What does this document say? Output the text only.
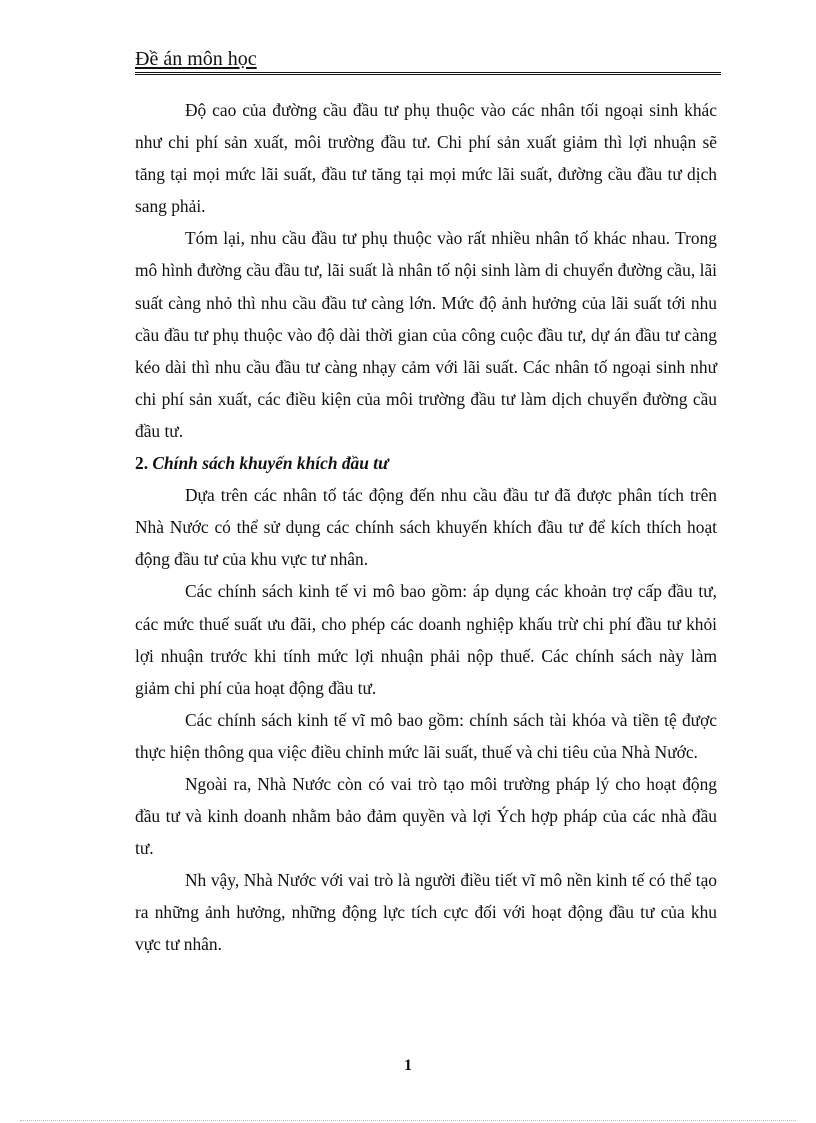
Đề án môn học

Độ cao của đường cầu đầu tư phụ thuộc vào các nhân tối ngoại sinh khác như chi phí sản xuất, môi trường đầu tư. Chi phí sản xuất giảm thì lợi nhuận sẽ tăng tại mọi mức lãi suất, đầu tư tăng tại mọi mức lãi suất, đường cầu đầu tư dịch sang phải.

Tóm lại, nhu cầu đầu tư phụ thuộc vào rất nhiều nhân tố khác nhau. Trong mô hình đường cầu đầu tư, lãi suất là nhân tố nội sinh làm di chuyển đường cầu, lãi suất càng nhỏ thì nhu cầu đầu tư càng lớn. Mức độ ảnh hưởng của lãi suất tới nhu cầu đầu tư phụ thuộc vào độ dài thời gian của công cuộc đầu tư, dự án đầu tư càng kéo dài thì nhu cầu đầu tư càng nhạy cảm với lãi suất. Các nhân tố ngoại sinh như chi phí sản xuất, các điều kiện của môi trường đầu tư làm dịch chuyển đường cầu đầu tư.

2. Chính sách khuyến khích đầu tư

Dựa trên các nhân tố tác động đến nhu cầu đầu tư đã được phân tích trên Nhà Nước có thể sử dụng các chính sách khuyến khích đầu tư để kích thích hoạt động đầu tư của khu vực tư nhân.

Các chính sách kinh tế vi mô bao gồm: áp dụng các khoản trợ cấp đầu tư, các mức thuế suất ưu đãi, cho phép các doanh nghiệp khấu trừ chi phí đầu tư khỏi lợi nhuận trước khi tính mức lợi nhuận phải nộp thuế. Các chính sách này làm giảm chi phí của hoạt động đầu tư.

Các chính sách kinh tế vĩ mô bao gồm: chính sách tài khóa và tiền tệ được thực hiện thông qua việc điều chỉnh mức lãi suất, thuế và chi tiêu của Nhà Nước.

Ngoài ra, Nhà Nước còn có vai trò tạo môi trường pháp lý cho hoạt động đầu tư và kinh doanh nhằm bảo đảm quyền và lợi Ých hợp pháp của các nhà đầu tư.

Nh vậy, Nhà Nước với vai trò là người điều tiết vĩ mô nền kinh tế có thể tạo ra những ảnh hưởng, những động lực tích cực đối với hoạt động đầu tư của khu vực tư nhân.

1
